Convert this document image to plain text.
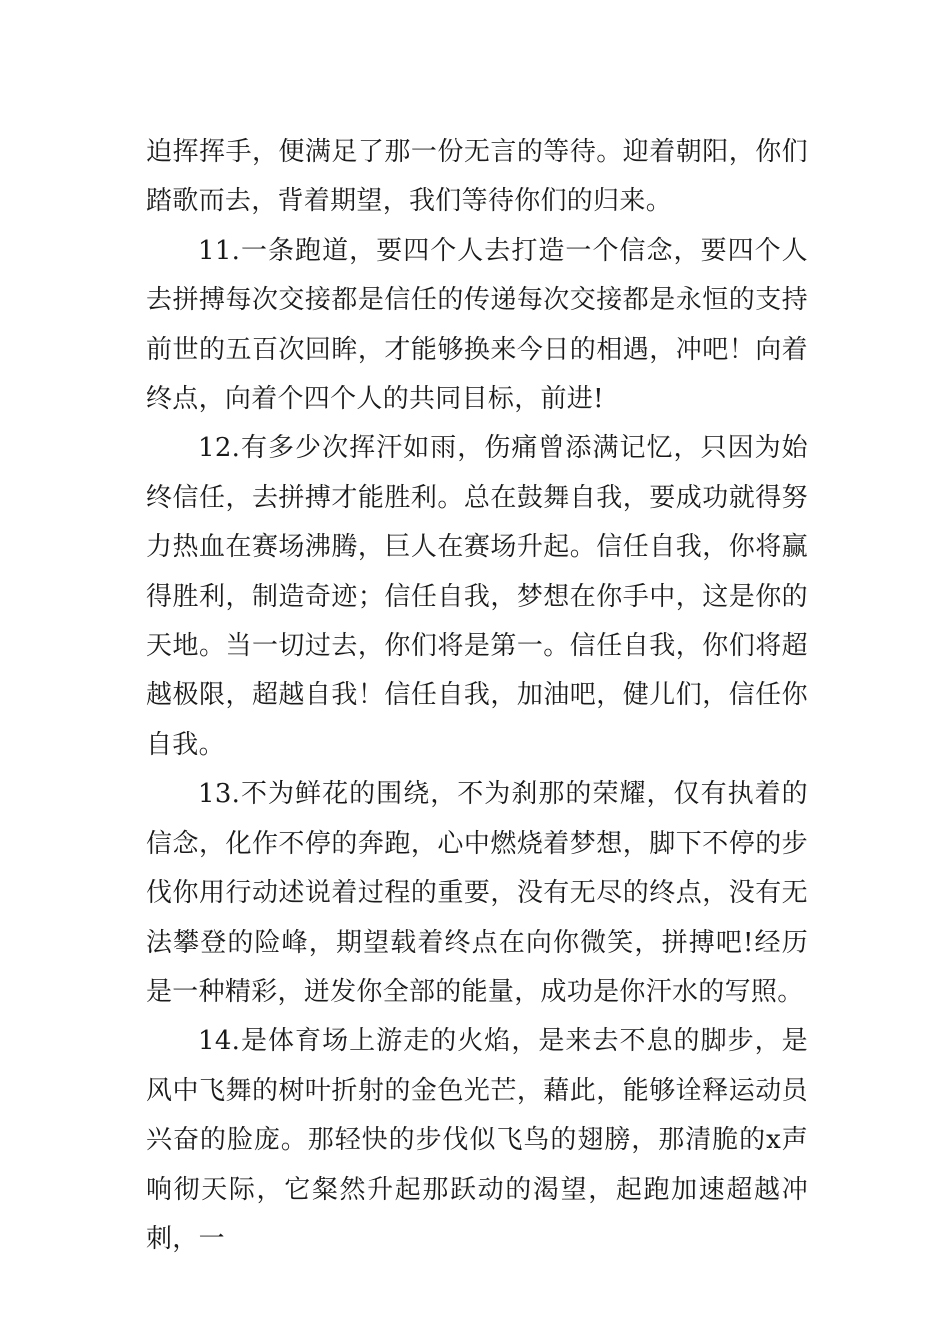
迫挥挥手，便满足了那一份无言的等待。迎着朝阳，你们踏歌而去，背着期望，我们等待你们的归来。

11.一条跑道，要四个人去打造一个信念，要四个人去拼搏每次交接都是信任的传递每次交接都是永恒的支持前世的五百次回眸，才能够换来今日的相遇，冲吧！向着终点，向着个四个人的共同目标，前进!

12.有多少次挥汗如雨，伤痛曾添满记忆，只因为始终信任，去拼搏才能胜利。总在鼓舞自我，要成功就得努力热血在赛场沸腾，巨人在赛场升起。信任自我，你将赢得胜利，制造奇迹；信任自我，梦想在你手中，这是你的天地。当一切过去，你们将是第一。信任自我，你们将超越极限，超越自我！信任自我，加油吧，健儿们，信任你自我。

13.不为鲜花的围绕，不为刹那的荣耀，仅有执着的信念，化作不停的奔跑，心中燃烧着梦想，脚下不停的步伐你用行动述说着过程的重要，没有无尽的终点，没有无法攀登的险峰，期望载着终点在向你微笑，拼搏吧!经历是一种精彩，迸发你全部的能量，成功是你汗水的写照。

14.是体育场上游走的火焰，是来去不息的脚步，是风中飞舞的树叶折射的金色光芒，藉此，能够诠释运动员兴奋的脸庞。那轻快的步伐似飞鸟的翅膀，那清脆的x声响彻天际，它粲然升起那跃动的渴望，起跑加速超越冲刺，一
